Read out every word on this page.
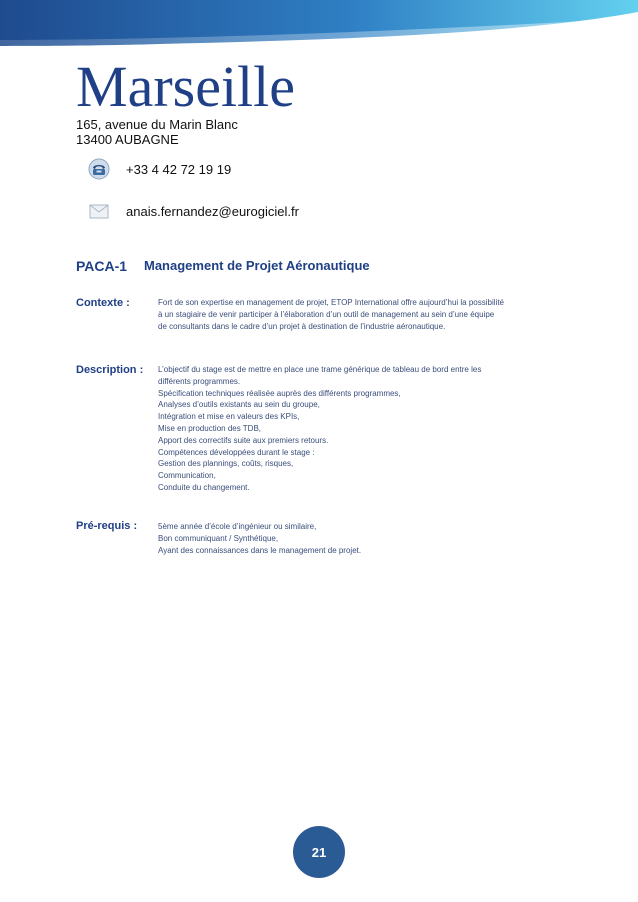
Marseille
165, avenue du Marin Blanc
13400 AUBAGNE
+33 4 42 72 19 19
anais.fernandez@eurogiciel.fr
PACA-1 Management de Projet Aéronautique
Contexte :	Fort de son expertise en management de projet, ETOP International offre aujourd’hui la possibilité
à un stagiaire de venir participer à l’élaboration d’un outil de management au sein d’une équipe
de consultants dans le cadre d’un projet à destination de l’industrie aéronautique.
Description : L’objectif du stage est de mettre en place une trame générique de tableau de bord entre les
différents programmes.
Spécification techniques réalisée auprès des différents programmes,
Analyses d’outils existants au sein du groupe,
Intégration et mise en valeurs des KPIs,
Mise en production des TDB,
Apport des correctifs suite aux premiers retours.
Compétences développées durant le stage :
Gestion des plannings, coûts, risques,
Communication,
Conduite du changement.
Pré-requis :	5ème année d’école d’ingénieur ou similaire,
Bon communiquant / Synthétique,
Ayant des connaissances dans le management de projet.
21
